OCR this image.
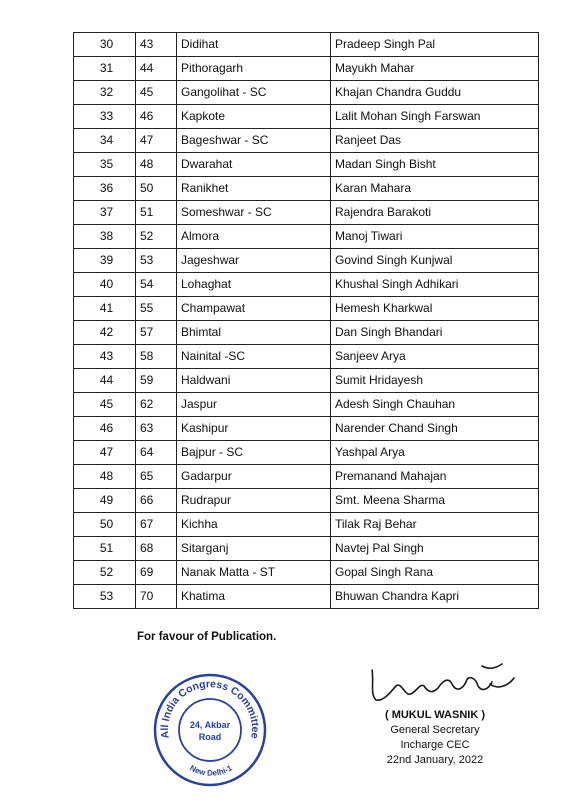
30	43	Didihat	Pradeep Singh Pal
31	44	Pithoragarh	Mayukh Mahar
32	45	Gangolihat - SC	Khajan Chandra Guddu
33	46	Kapkote	Lalit Mohan Singh Farswan
34	47	Bageshwar - SC	Ranjeet Das
35	48	Dwarahat	Madan Singh Bisht
36	50	Ranikhet	Karan Mahara
37	51	Someshwar - SC	Rajendra Barakoti
38	52	Almora	Manoj Tiwari
39	53	Jageshwar	Govind Singh Kunjwal
40	54	Lohaghat	Khushal Singh Adhikari
41	55	Champawat	Hemesh Kharkwal
42	57	Bhimtal	Dan Singh Bhandari
43	58	Nainital -SC	Sanjeev Arya
44	59	Haldwani	Sumit Hridayesh
45	62	Jaspur	Adesh Singh Chauhan
46	63	Kashipur	Narender Chand Singh
47	64	Bajpur - SC	Yashpal Arya
48	65	Gadarpur	Premanand Mahajan
49	66	Rudrapur	Smt. Meena Sharma
50	67	Kichha	Tilak Raj Behar
51	68	Sitarganj	Navtej Pal Singh
52	69	Nanak Matta - ST	Gopal Singh Rana
53	70	Khatima	Bhuwan Chandra Kapri
For favour of Publication.
All India Congress Committee
New Delhi-1
24, Akbar
Road
( MUKUL WASNIK )
General Secretary
Incharge CEC
22nd January, 2022
